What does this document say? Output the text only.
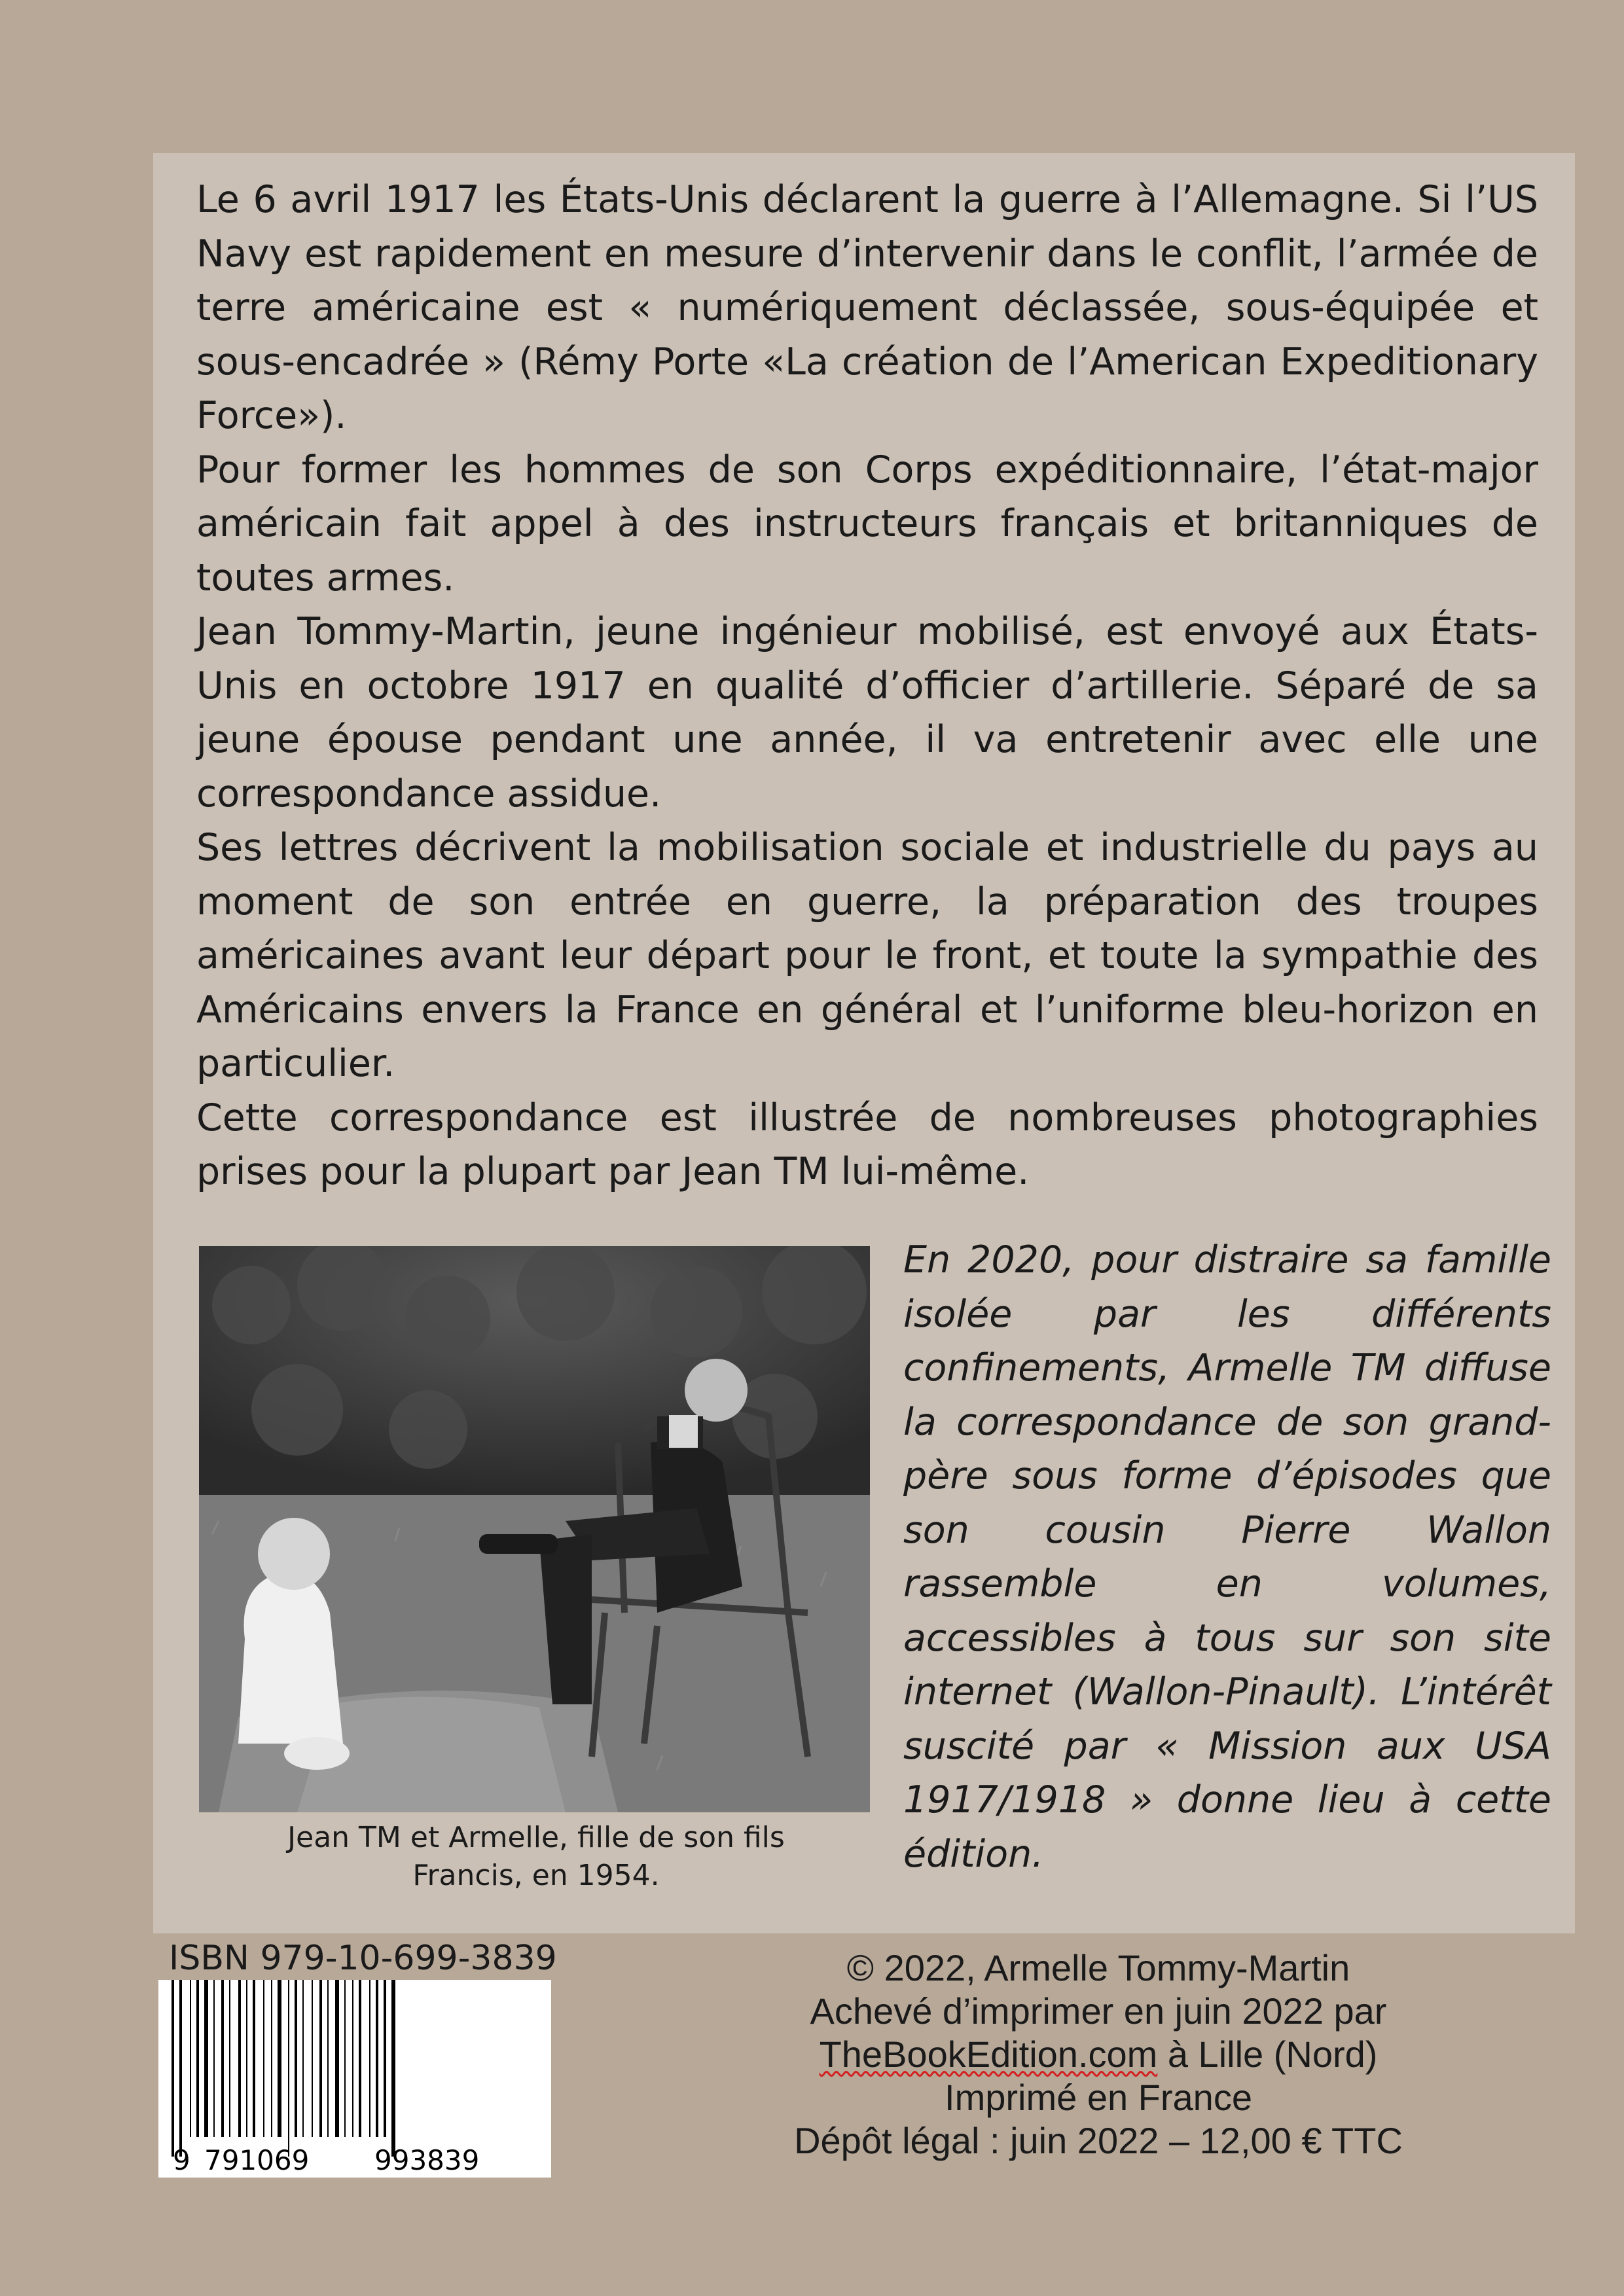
Le 6 avril 1917 les États-Unis déclarent la guerre à l’Allemagne. Si l’US Navy est rapidement en mesure d’intervenir dans le conflit, l’armée de terre américaine est « numériquement déclassée, sous-équipée et sous-encadrée » (Rémy Porte «La création de l’American Expeditionary Force»).

Pour former les hommes de son Corps expéditionnaire, l’état-major américain fait appel à des instructeurs français et britanniques de toutes armes.

Jean Tommy-Martin, jeune ingénieur mobilisé, est envoyé aux États-Unis en octobre 1917 en qualité d’officier d’artillerie. Séparé de sa jeune épouse pendant une année, il va entretenir avec elle une correspondance assidue.

Ses lettres décrivent la mobilisation sociale et industrielle du pays au moment de son entrée en guerre, la préparation des troupes américaines avant leur départ pour le front, et toute la sympathie des Américains envers la France en général et l’uniforme bleu-horizon en particulier.

Cette correspondance est illustrée de nombreuses photographies prises pour la plupart par Jean TM lui-même.

Jean TM et Armelle, fille de son fils
Francis, en 1954.

En 2020, pour distraire sa famille isolée par les différents confinements, Armelle TM diffuse la correspondance de son grand-père sous forme d’épisodes que son cousin Pierre Wallon rassemble en volumes, accessibles à tous sur son site internet (Wallon-Pinault). L’intérêt suscité par « Mission aux USA 1917/1918 » donne lieu à cette édition.

ISBN 979-10-699-3839
9 791069 993839
© 2022, Armelle Tommy-Martin
Achevé d’imprimer en juin 2022 par
TheBookEdition.com à Lille (Nord)
Imprimé en France
Dépôt légal : juin 2022 – 12,00 € TTC
